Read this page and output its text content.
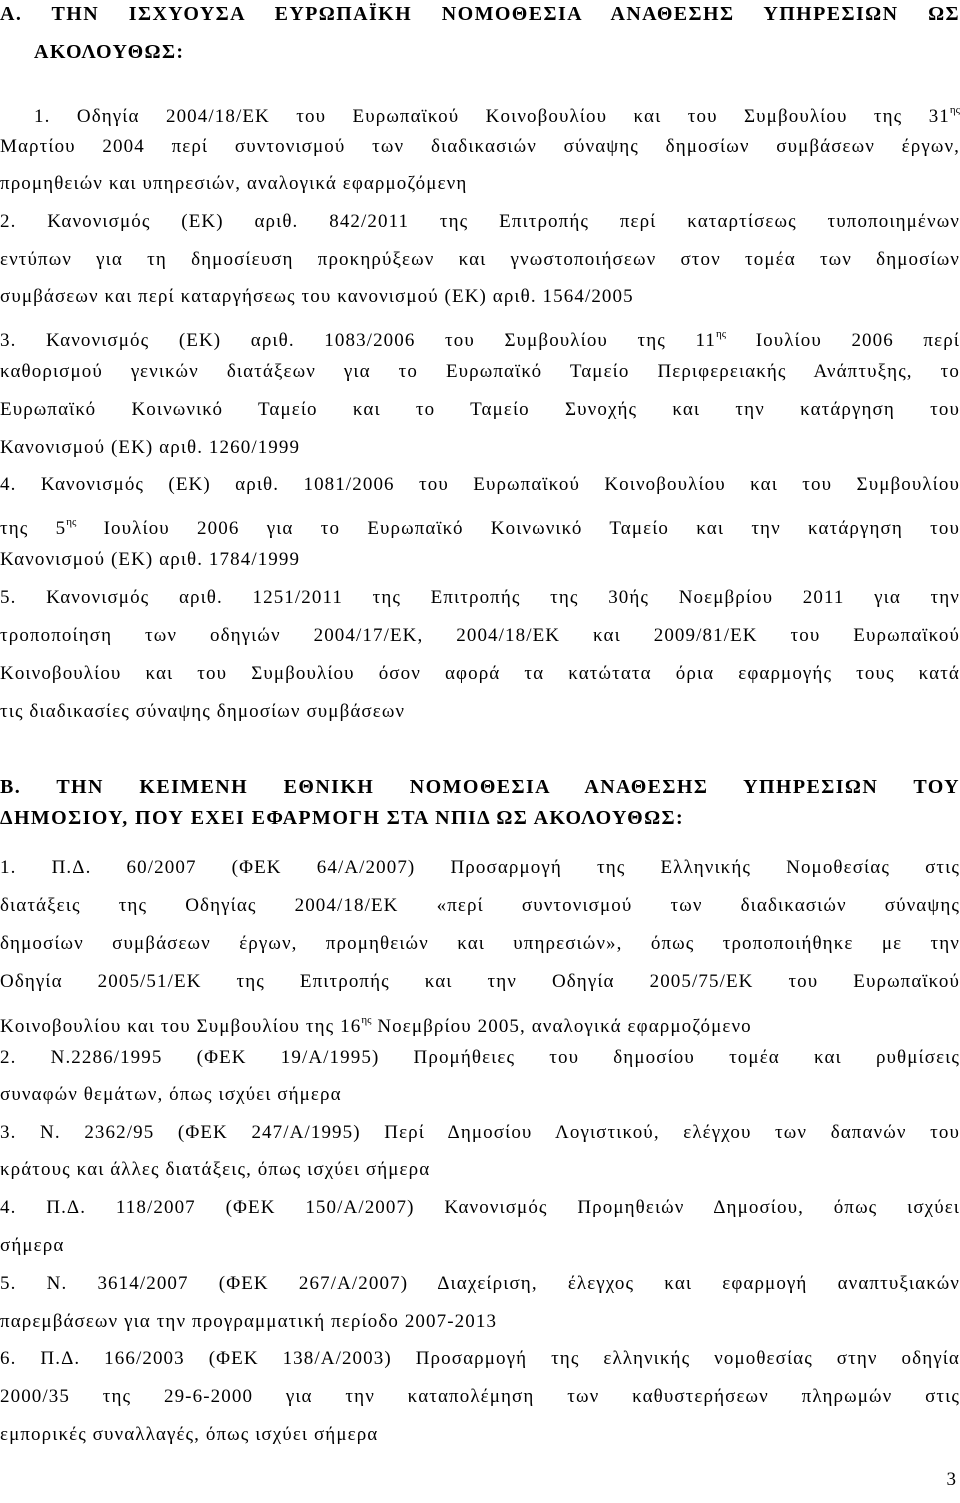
Α. ΤΗΝ ΙΣΧΥΟΥΣΑ ΕΥΡΩΠΑΪΚΗ ΝΟΜΟΘΕΣΙΑ ΑΝΑΘΕΣΗΣ ΥΠΗΡΕΣΙΩΝ ΩΣ
ΑΚΟΛΟΥΘΩΣ:
1. Οδηγία 2004/18/ΕΚ του Ευρωπαϊκού Κοινοβουλίου και του Συμβουλίου της $31^{\eta\varsigma}$
Μαρτίου 2004 περί συντονισμού των διαδικασιών σύναψης δημοσίων συμβάσεων έργων,
προμηθειών και υπηρεσιών, αναλογικά εφαρμοζόμενη
2. Κανονισμός (ΕΚ) αριθ. 842/2011 της Επιτροπής περί καταρτίσεως τυποποιημένων
εντύπων για τη δημοσίευση προκηρύξεων και γνωστοποιήσεων στον τομέα των δημοσίων
συμβάσεων και περί καταργήσεως του κανονισμού (ΕΚ) αριθ. 1564/2005
3. Κανονισμός (ΕΚ) αριθ. 1083/2006 του Συμβουλίου της $11^{\eta\varsigma}$ Ιουλίου 2006 περί
καθορισμού γενικών διατάξεων για το Ευρωπαϊκό Ταμείο Περιφερειακής Ανάπτυξης, το
Ευρωπαϊκό Κοινωνικό Ταμείο και το Ταμείο Συνοχής και την κατάργηση του
Κανονισμού (ΕΚ) αριθ. 1260/1999
4. Κανονισμός (ΕΚ) αριθ. 1081/2006 του Ευρωπαϊκού Κοινοβουλίου και του Συμβουλίου
της $5^{\eta\varsigma}$ Ιουλίου 2006 για το Ευρωπαϊκό Κοινωνικό Ταμείο και την κατάργηση του
Κανονισμού (ΕΚ) αριθ. 1784/1999
5. Κανονισμός αριθ. 1251/2011 της Επιτροπής της 30ής Νοεμβρίου 2011 για την
τροποποίηση των οδηγιών 2004/17/ΕΚ, 2004/18/ΕΚ και 2009/81/ΕΚ του Ευρωπαϊκού
Κοινοβουλίου και του Συμβουλίου όσον αφορά τα κατώτατα όρια εφαρμογής τους κατά
τις διαδικασίες σύναψης δημοσίων συμβάσεων
Β. ΤΗΝ ΚΕΙΜΕΝΗ ΕΘΝΙΚΗ ΝΟΜΟΘΕΣΙΑ ΑΝΑΘΕΣΗΣ ΥΠΗΡΕΣΙΩΝ ΤΟΥ
ΔΗΜΟΣΙΟΥ, ΠΟΥ ΕΧΕΙ ΕΦΑΡΜΟΓΗ ΣΤΑ ΝΠΙΔ ΩΣ ΑΚΟΛΟΥΘΩΣ:
1. Π.Δ. 60/2007 (ΦΕΚ 64/Α/2007) Προσαρμογή της Ελληνικής Νομοθεσίας στις
διατάξεις της Οδηγίας 2004/18/ΕΚ «περί συντονισμού των διαδικασιών σύναψης
δημοσίων συμβάσεων έργων, προμηθειών και υπηρεσιών», όπως τροποποιήθηκε με την
Οδηγία 2005/51/ΕΚ της Επιτροπής και την Οδηγία 2005/75/ΕΚ του Ευρωπαϊκού
Κοινοβουλίου και του Συμβουλίου της $16^{\eta\varsigma}$ Νοεμβρίου 2005, αναλογικά εφαρμοζόμενο
2. Ν.2286/1995 (ΦΕΚ 19/Α/1995) Προμήθειες του δημοσίου τομέα και ρυθμίσεις
συναφών θεμάτων, όπως ισχύει σήμερα
3. Ν. 2362/95 (ΦΕΚ 247/Α/1995) Περί Δημοσίου Λογιστικού, ελέγχου των δαπανών του
κράτους και άλλες διατάξεις, όπως ισχύει σήμερα
4. Π.Δ. 118/2007 (ΦΕΚ 150/Α/2007) Κανονισμός Προμηθειών Δημοσίου, όπως ισχύει
σήμερα
5. Ν. 3614/2007 (ΦΕΚ 267/Α/2007) Διαχείριση, έλεγχος και εφαρμογή αναπτυξιακών
παρεμβάσεων για την προγραμματική περίοδο 2007-2013
6. Π.Δ. 166/2003 (ΦΕΚ 138/Α/2003) Προσαρμογή της ελληνικής νομοθεσίας στην οδηγία
2000/35 της 29-6-2000 για την καταπολέμηση των καθυστερήσεων πληρωμών στις
εμπορικές συναλλαγές, όπως ισχύει σήμερα
3
